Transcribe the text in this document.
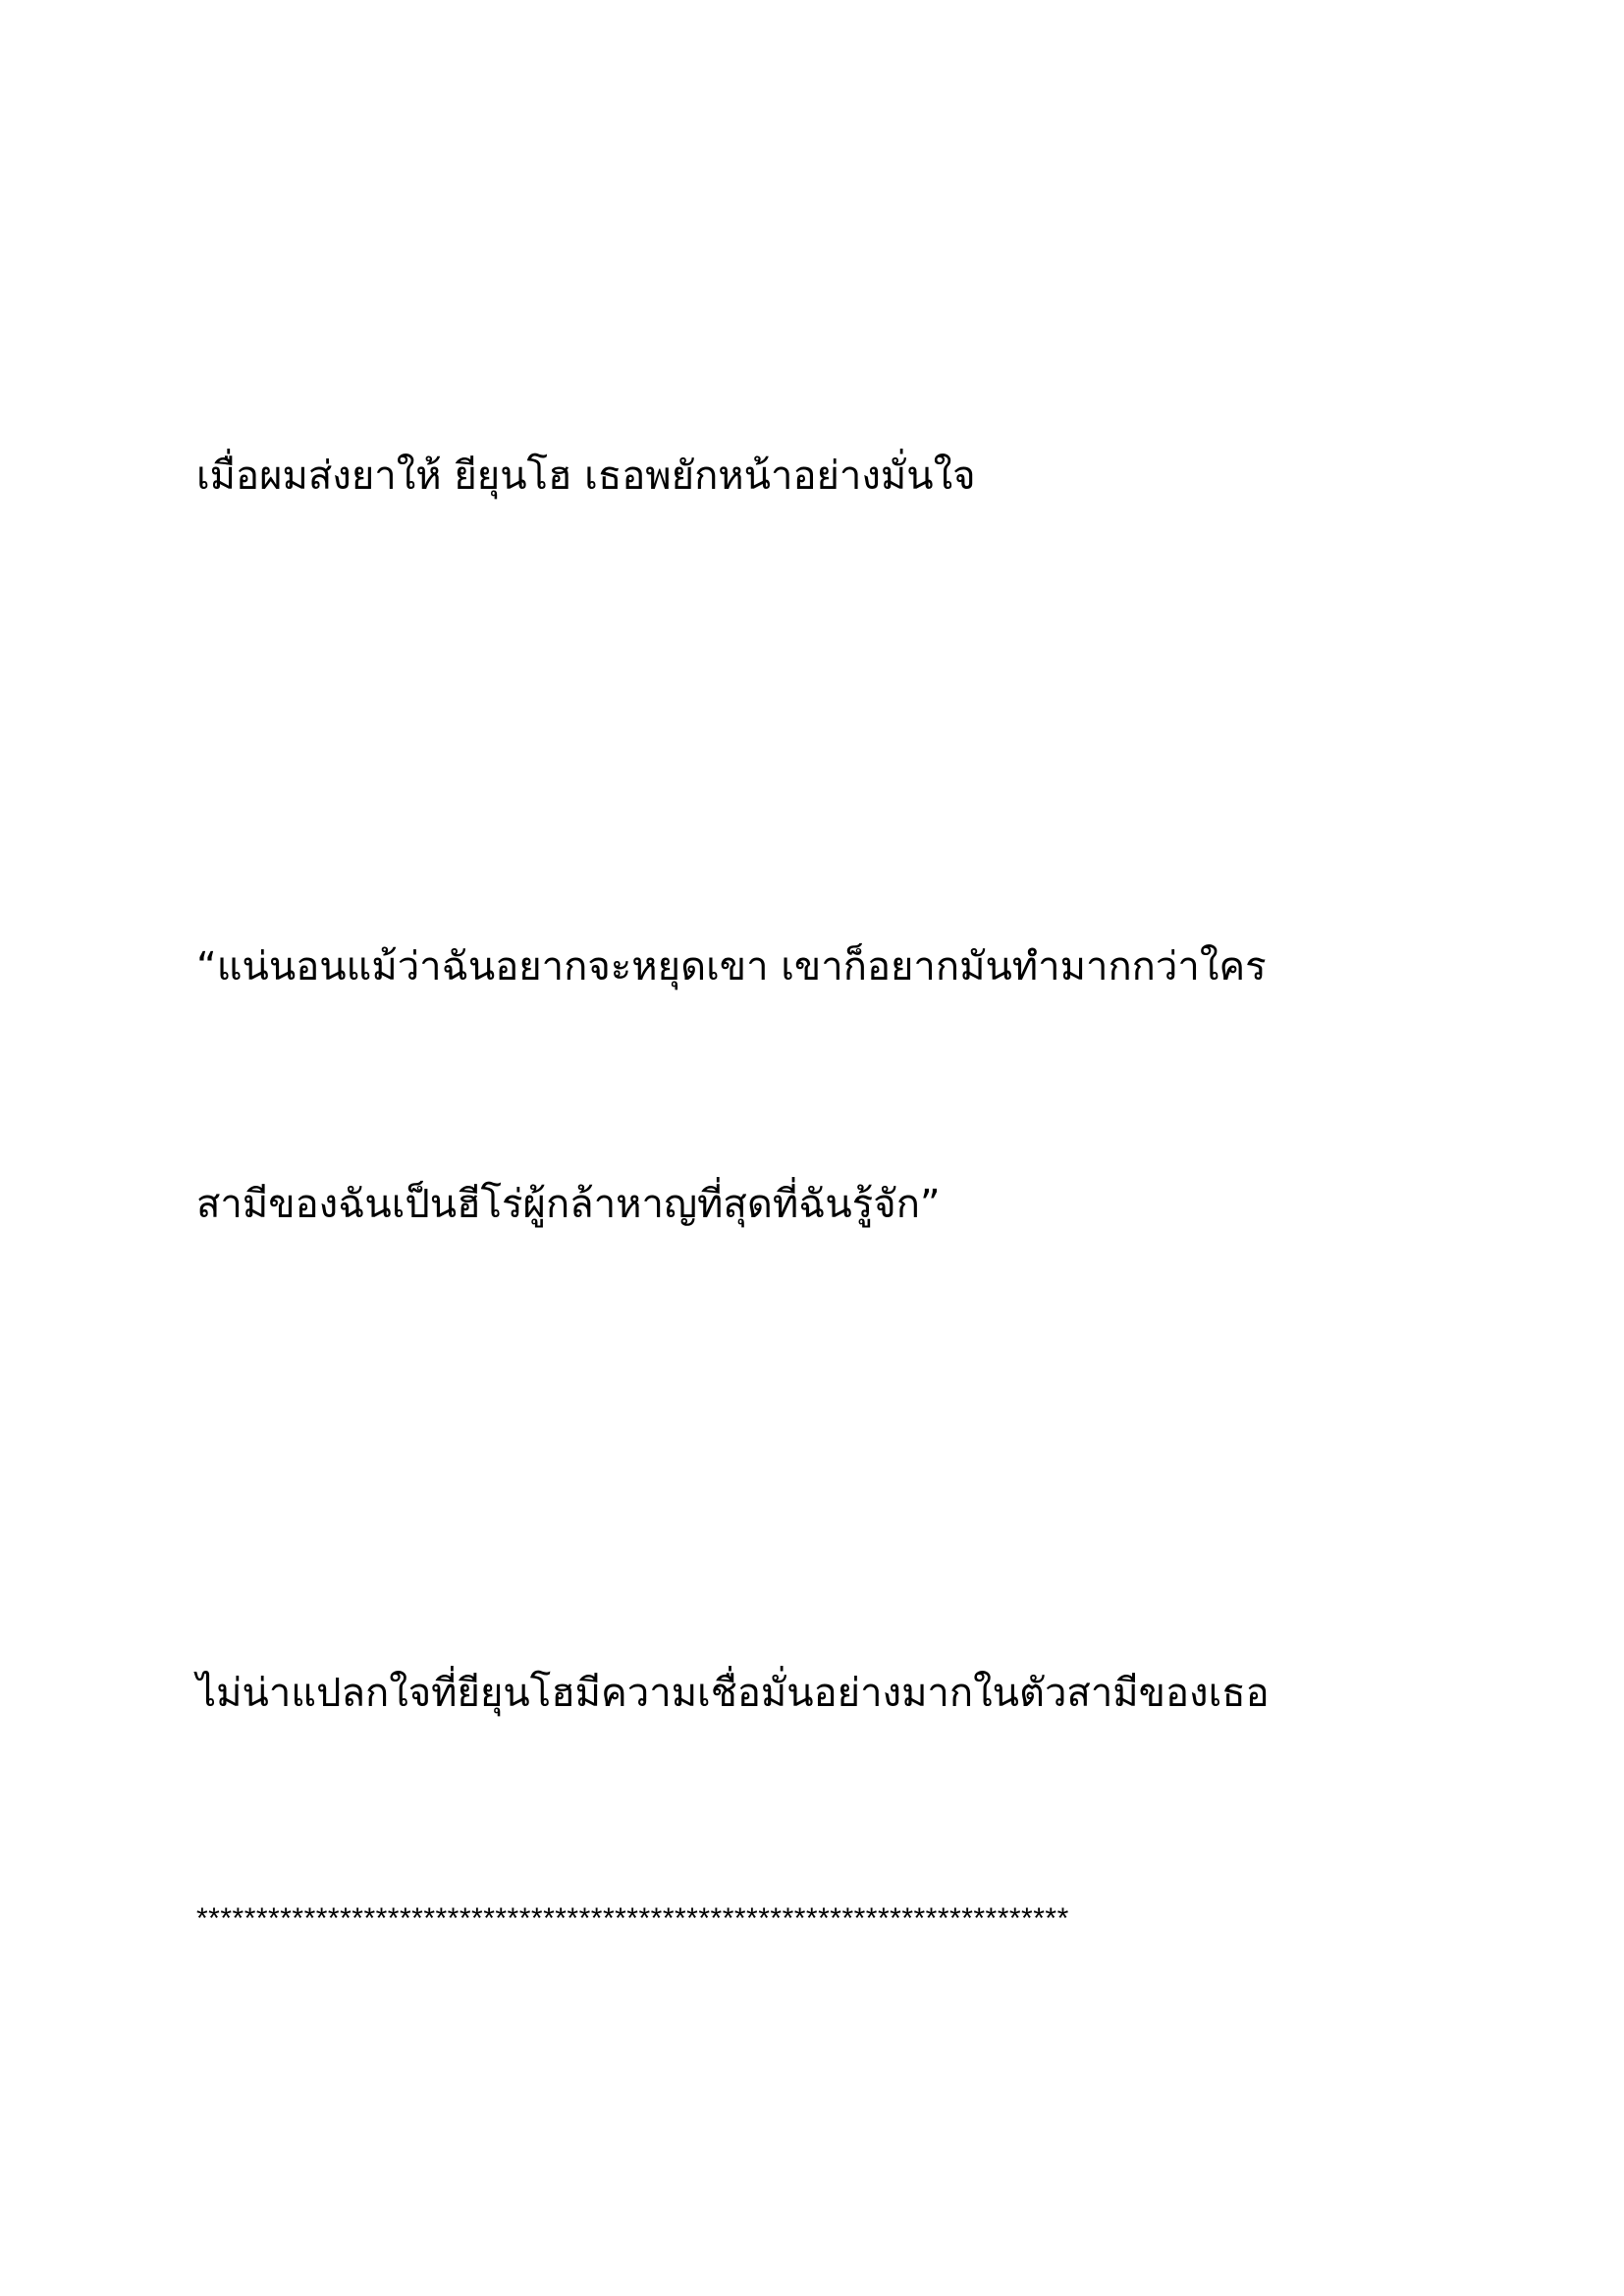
เมื่อผมส่งยาให้ ยียุนโฮ เธอพยักหน้าอย่างมั่นใจ
“แน่นอนแม้ว่าฉันอยากจะหยุดเขา เขาก็อยากมันทำมากกว่าใคร
สามีของฉันเป็นฮีโร่ผู้กล้าหาญที่สุดที่ฉันรู้จัก”
ไม่น่าแปลกใจที่ยียุนโฮมีความเชื่อมั่นอย่างมากในตัวสามีของเธอ
*************************************************************************
